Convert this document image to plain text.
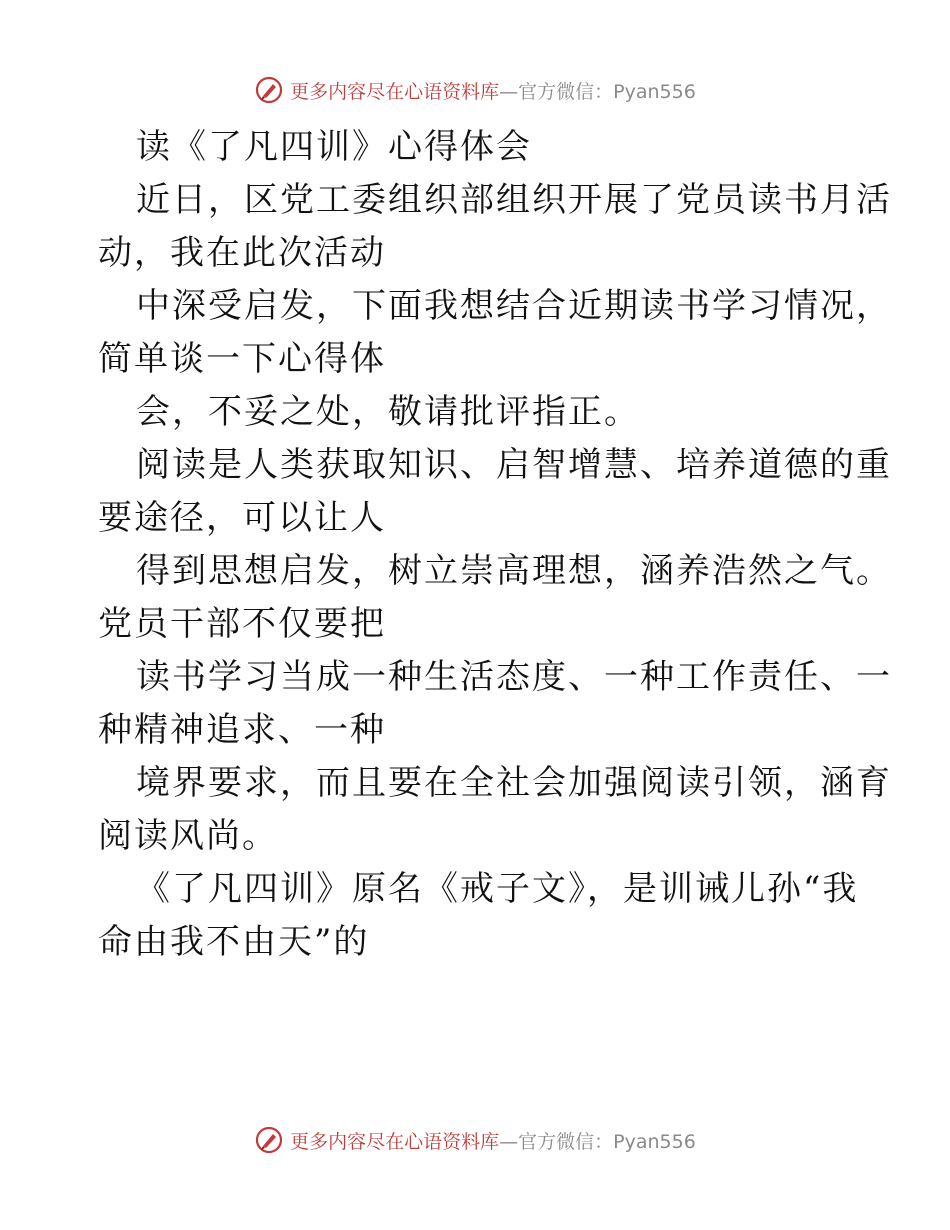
更多内容尽在心语资料库 —官方微信：Pyan556
读《了凡四训》心得体会
近日，区党工委组织部组织开展了党员读书月活
动，我在此次活动
中深受启发，下面我想结合近期读书学习情况，
简单谈一下心得体
会，不妥之处，敬请批评指正。
阅读是人类获取知识、启智增慧、培养道德的重
要途径，可以让人
得到思想启发，树立崇高理想，涵养浩然之气。
党员干部不仅要把
读书学习当成一种生活态度、一种工作责任、一
种精神追求、一种
境界要求，而且要在全社会加强阅读引领，涵育
阅读风尚。
《了凡四训》原名《戒子文》，是训诫儿孙“我
命由我不由天”的
更多内容尽在心语资料库 —官方微信：Pyan556
